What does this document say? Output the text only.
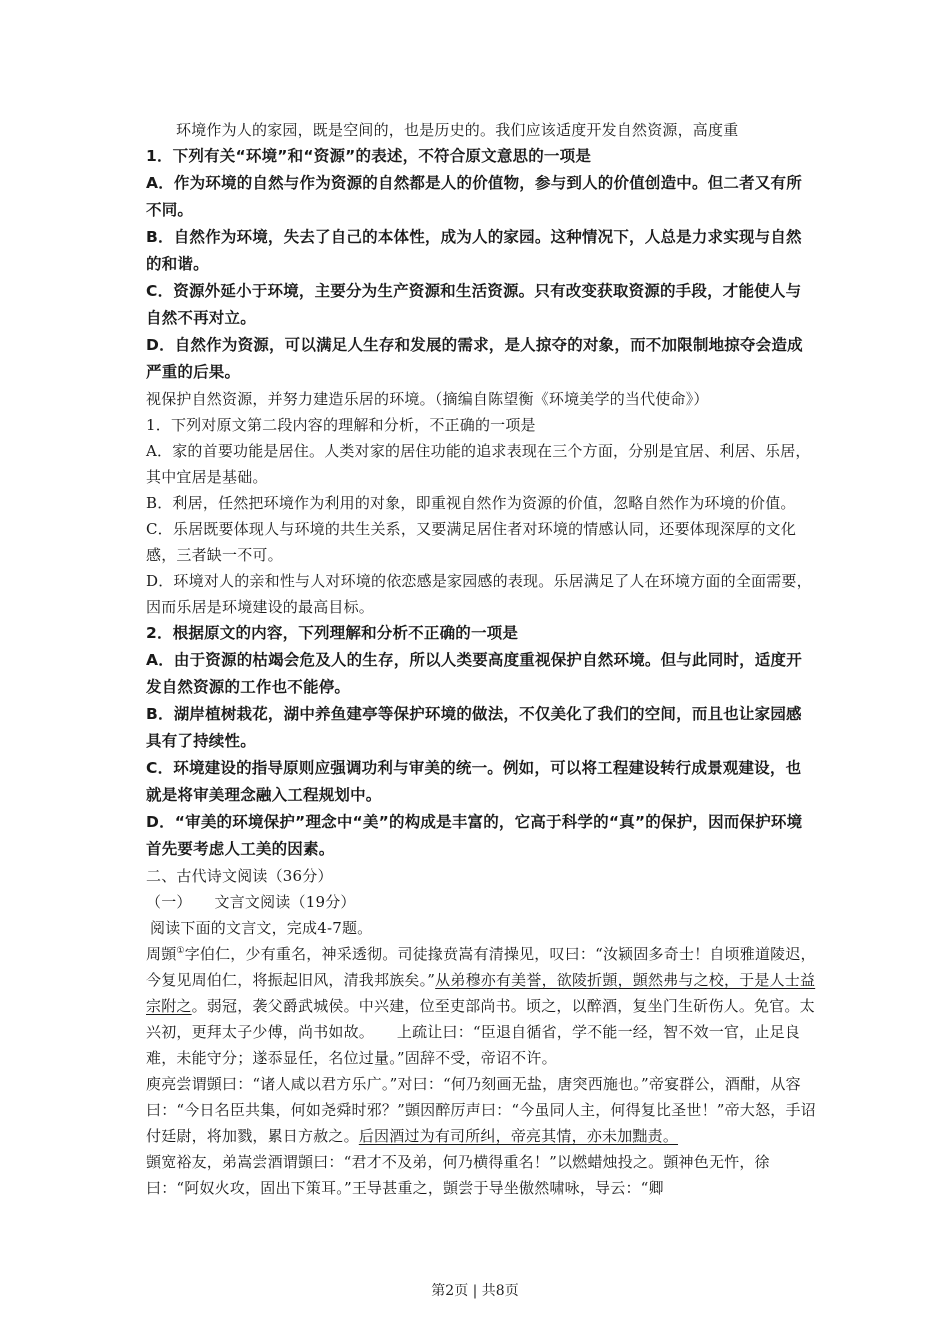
环境作为人的家园，既是空间的，也是历史的。我们应该适度开发自然资源，高度重

1．下列有关“环境”和“资源”的表述，不符合原文意思的一项是

A．作为环境的自然与作为资源的自然都是人的价值物，参与到人的价值创造中。但二者又有所不同。

B．自然作为环境，失去了自己的本体性，成为人的家园。这种情况下，人总是力求实现与自然的和谐。

C．资源外延小于环境，主要分为生产资源和生活资源。只有改变获取资源的手段，才能使人与自然不再对立。

D．自然作为资源，可以满足人生存和发展的需求，是人掠夺的对象，而不加限制地掠夺会造成严重的后果。

视保护自然资源，并努力建造乐居的环境。（摘编自陈望衡《环境美学的当代使命》）

1．下列对原文第二段内容的理解和分析，不正确的一项是

A．家的首要功能是居住。人类对家的居住功能的追求表现在三个方面，分别是宜居、利居、乐居，其中宜居是基础。

B．利居，任然把环境作为利用的对象，即重视自然作为资源的价值，忽略自然作为环境的价值。

C．乐居既要体现人与环境的共生关系，又要满足居住者对环境的情感认同，还要体现深厚的文化感，三者缺一不可。

D．环境对人的亲和性与人对环境的依恋感是家园感的表现。乐居满足了人在环境方面的全面需要，因而乐居是环境建设的最高目标。

2．根据原文的内容，下列理解和分析不正确的一项是

A．由于资源的枯竭会危及人的生存，所以人类要高度重视保护自然环境。但与此同时，适度开发自然资源的工作也不能停。

B．湖岸植树栽花，湖中养鱼建亭等保护环境的做法，不仅美化了我们的空间，而且也让家园感具有了持续性。

C．环境建设的指导原则应强调功利与审美的统一。例如，可以将工程建设转行成景观建设，也就是将审美理念融入工程规划中。

D．“审美的环境保护”理念中“美”的构成是丰富的，它高于科学的“真”的保护，因而保护环境首先要考虑人工美的因素。

二、古代诗文阅读（36分）

（一）　　文言文阅读（19分）

阅读下面的文言文，完成4-7题。

周顗①字伯仁，少有重名，神采透彻。司徒掾贲嵩有清操见，叹曰：“汝颍固多奇士！自顷雅道陵迟，今复见周伯仁，将振起旧风，清我邦族矣。”从弟穆亦有美誉，欲陵折顗，顗然弗与之校，于是人士益宗附之。弱冠，袭父爵武城侯。中兴建，位至吏部尚书。顷之，以醉酒，复坐门生斫伤人。免官。太兴初，更拜太子少傅，尚书如故。　　上疏让曰：“臣退自循省，学不能一经，智不效一官，止足良难，未能守分；遂忝显任，名位过量。”固辞不受，帝诏不许。

庾亮尝谓顗曰：“诸人咸以君方乐广。”对曰：“何乃刻画无盐，唐突西施也。”帝宴群公，酒酣，从容曰：“今日名臣共集，何如尧舜时邪？”顗因醉厉声曰：“今虽同人主，何得复比圣世！”帝大怒，手诏付廷尉，将加戮，累日方赦之。后因酒过为有司所纠，帝亮其情，亦未加黜责。

顗宽裕友，弟嵩尝酒谓顗曰：“君才不及弟，何乃横得重名！”以燃蜡烛投之。顗神色无忤，徐曰：“阿奴火攻，固出下策耳。”王导甚重之，顗尝于导坐傲然啸咏，导云：“卿

第2页 | 共8页
